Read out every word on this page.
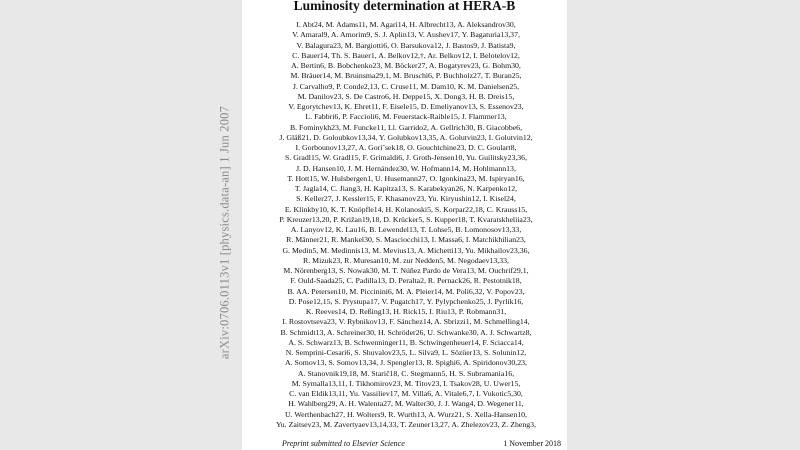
arXiv:0706.0113v1 [physics.data-an] 1 Jun 2007
Luminosity determination at HERA-B
I. Abt24, M. Adams11, M. Agari14, H. Albrecht13, A. Aleksandrov30,
V. Amaral9, A. Amorim9, S. J. Aplin13, V. Aushev17, Y. Bagaturia13,37,
V. Balagura23, M. Bargiotti6, O. Barsukova12, J. Bastos9, J. Batista9,
C. Bauer14, Th. S. Bauer1, A. Belkov12,†, Ar. Belkov12, I. Belotelov12,
A. Bertin6, B. Bobchenko23, M. Böcker27, A. Bogatyrev23, G. Bohm30,
M. Bräuer14, M. Bruinsma29,1, M. Bruschi6, P. Buchholz27, T. Buran25,
J. Carvalho9, P. Conde2,13, C. Cruse11, M. Dam10, K. M. Danielsen25,
M. Danilov23, S. De Castro6, H. Deppe15, X. Dong3, H. B. Dreis15,
V. Egorytchev13, K. Ehret11, F. Eisele15, D. Emeliyanov13, S. Essenov23,
L. Fabbri6, P. Faccioli6, M. Feuerstack-Raible15, J. Flammer13,
B. Fominykh23, M. Funcke11, Ll. Garrido2, A. Gellrich30, B. Giacobbe6,
J. Gläß21, D. Goloubkov13,34, Y. Golubkov13,35, A. Golutvin23, I. Golutvin12,
I. Gorbounov13,27, A. Goriˇsek18, O. Gouchtchine23, D. C. Goulart8,
S. Gradl15, W. Gradl15, F. Grimaldi6, J. Groth-Jensen10, Yu. Guilitsky23,36,
J. D. Hansen10, J. M. Hernández30, W. Hofmann14, M. Hohlmann13,
T. Hott15, W. Hulsbergen1, U. Husemann27, O. Igonkina23, M. Ispiryan16,
T. Jagla14, C. Jiang3, H. Kapitza13, S. Karabekyan26, N. Karpenko12,
S. Keller27, J. Kessler15, F. Khasanov23, Yu. Kiryushin12, I. Kisel24,
E. Klinkby10, K. T. Knöpfle14, H. Kolanoski5, S. Korpar22,18, C. Krauss15,
P. Kreuzer13,20, P. Križan19,18, D. Krücker5, S. Kupper18, T. Kvaratskheliia23,
A. Lanyov12, K. Lau16, B. Lewendel13, T. Lohse5, B. Lomonosov13,33,
R. Männer21, R. Mankel30, S. Masciocchi13, I. Massa6, I. Matchikhilian23,
G. Medin5, M. Medinnis13, M. Mevius13, A. Michetti13, Yu. Mikhailov23,36,
R. Mizuk23, R. Muresan10, M. zur Nedden5, M. Negodaev13,33,
M. Nörenberg13, S. Nowak30, M. T. Núñez Pardo de Vera13, M. Ouchrif29,1,
F. Ould-Saada25, C. Padilla13, D. Peralta2, R. Pernack26, R. Pestotnik18,
B. AA. Petersen10, M. Piccinini6, M. A. Pleier14, M. Poli6,32, V. Popov23,
D. Pose12,15, S. Prystupa17, V. Pugatch17, Y. Pylypchenko25, J. Pyrlik16,
K. Reeves14, D. Reßing13, H. Rick15, I. Riu13, P. Robmann31,
I. Rostovtseva23, V. Rybnikov13, F. Sánchez14, A. Sbrizzi1, M. Schmelling14,
B. Schmidt13, A. Schreiner30, H. Schröder26, U. Schwanke30, A. J. Schwartz8,
A. S. Schwarz13, B. Schwenninger11, B. Schwingenheuer14, F. Sciacca14,
N. Semprini-Cesari6, S. Shuvalov23,5, L. Silva9, L. Sözüer13, S. Solunin12,
A. Somov13, S. Somov13,34, J. Spengler13, R. Spighi6, A. Spiridonov30,23,
A. Stanovnik19,18, M. Starič18, C. Stegmann5, H. S. Subramania16,
M. Symalla13,11, I. Tikhomirov23, M. Titov23, I. Tsakov28, U. Uwer15,
C. van Eldik13,11, Yu. Vassiliev17, M. Villa6, A. Vitale6,7, I. Vukotic5,30,
H. Wahlberg29, A. H. Walenta27, M. Walter30, J. J. Wang4, D. Wegener11,
U. Werthenbach27, H. Wolters9, R. Wurth13, A. Wurz21, S. Xella-Hansen10,
Yu. Zaitsev23, M. Zavertyaev13,14,33, T. Zeuner13,27, A. Zhelezov23, Z. Zheng3,
Preprint submitted to Elsevier Science	1 November 2018
